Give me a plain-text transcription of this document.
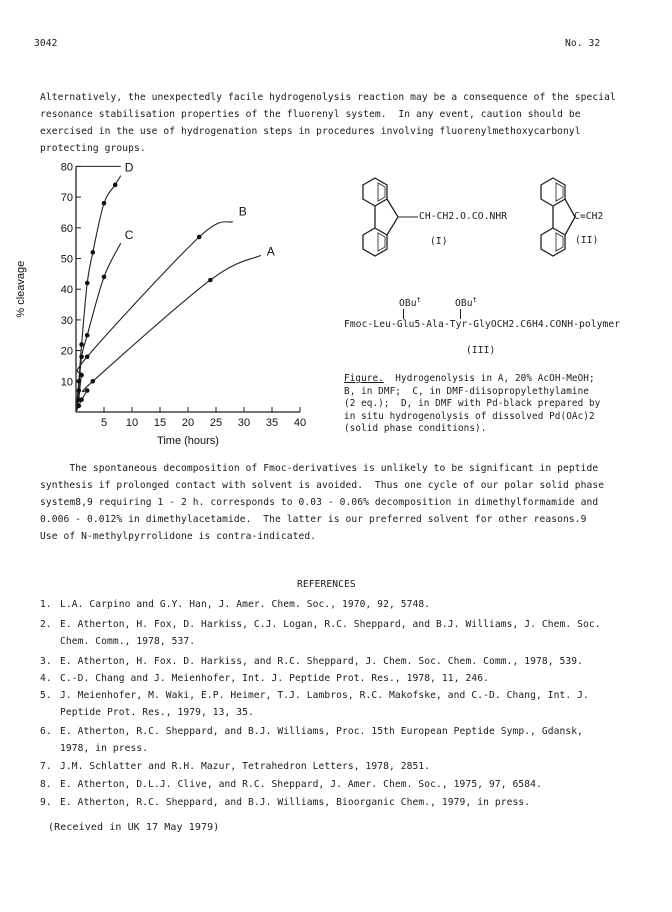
3042	No. 32
Alternatively, the unexpectedly facile hydrogenolysis reaction may be a consequence of the special
resonance stabilisation properties of the fluorenyl system.  In any event, caution should be
exercised in the use of hydrogenation steps in procedures involving fluorenylmethoxycarbonyl
protecting groups.
5 10 15 20 25 30 35 40
10
20
30
40
50
60
70
80
Time (hours)
% cleavage
A
B
C
D
CH-CH2.O.CO.NHR
(I)
C=CH2
(II)
OBu$^t$	OBu$^t$
Fmoc-Leu-Glu5-Ala-Tyr-GlyOCH2.C6H4.CONH-polymer
(III)
Figure. Hydrogenolysis in A, 20% AcOH-MeOH;
B, in DMF;  C, in DMF-diisopropylethylamine
(2 eq.);  D, in DMF with Pd-black prepared by
in situ hydrogenolysis of dissolved Pd(OAc)2
(solid phase conditions).
The spontaneous decomposition of Fmoc-derivatives is unlikely to be significant in peptide
synthesis if prolonged contact with solvent is avoided.  Thus one cycle of our polar solid phase
system8,9 requiring 1 - 2 h. corresponds to 0.03 - 0.06% decomposition in dimethylformamide and
0.006 - 0.012% in dimethylacetamide.  The latter is our preferred solvent for other reasons.9
Use of N-methylpyrrolidone is contra-indicated.
REFERENCES
1. L.A. Carpino and G.Y. Han, J. Amer. Chem. Soc., 1970, 92, 5748.
2. E. Atherton, H. Fox, D. Harkiss, C.J. Logan, R.C. Sheppard, and B.J. Williams, J. Chem. Soc.
Chem. Comm., 1978, 537.
3. E. Atherton, H. Fox. D. Harkiss, and R.C. Sheppard, J. Chem. Soc. Chem. Comm., 1978, 539.
4. C.-D. Chang and J. Meienhofer, Int. J. Peptide Prot. Res., 1978, 11, 246.
5. J. Meienhofer, M. Waki, E.P. Heimer, T.J. Lambros, R.C. Makofske, and C.-D. Chang, Int. J.
Peptide Prot. Res., 1979, 13, 35.
6. E. Atherton, R.C. Sheppard, and B.J. Williams, Proc. 15th European Peptide Symp., Gdansk,
1978, in press.
7. J.M. Schlatter and R.H. Mazur, Tetrahedron Letters, 1978, 2851.
8. E. Atherton, D.L.J. Clive, and R.C. Sheppard, J. Amer. Chem. Soc., 1975, 97, 6584.
9. E. Atherton, R.C. Sheppard, and B.J. Williams, Bioorganic Chem., 1979, in press.
(Received in UK 17 May 1979)
